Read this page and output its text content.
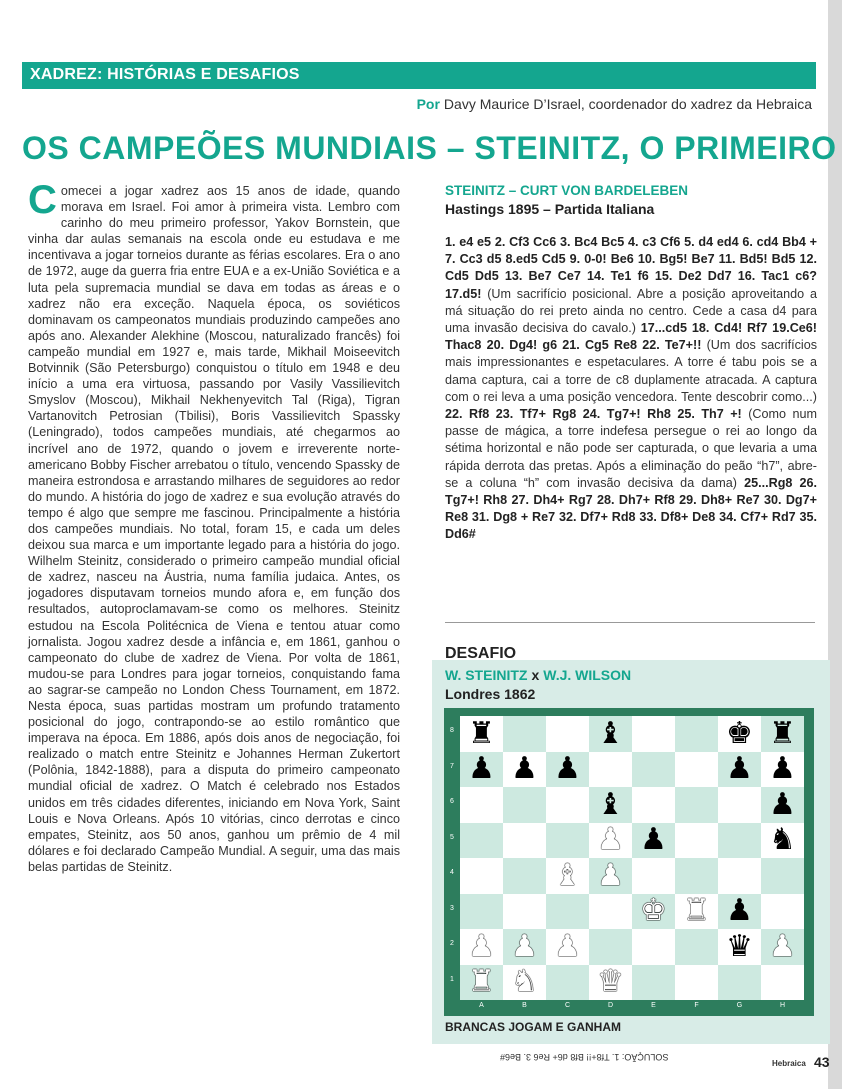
XADREZ: HISTÓRIAS E DESAFIOS
Por Davy Maurice D’Israel, coordenador do xadrez da Hebraica
OS CAMPEÕES MUNDIAIS – STEINITZ, O PRIMEIRO
Comecei a jogar xadrez aos 15 anos de idade, quando morava em Israel. Foi amor à primeira vista. Lembro com carinho do meu primeiro professor, Yakov Bornstein, que vinha dar aulas semanais na escola onde eu estudava e me incentivava a jogar torneios durante as férias escolares. Era o ano de 1972, auge da guerra fria entre EUA e a ex-União Soviética e a luta pela supremacia mundial se dava em todas as áreas e o xadrez não era exceção. Naquela época, os soviéticos dominavam os campeonatos mundiais produzindo campeões ano após ano. Alexander Alekhine (Moscou, naturalizado francês) foi campeão mundial em 1927 e, mais tarde, Mikhail Moiseevitch Botvinnik (São Petersburgo) conquistou o título em 1948 e deu início a uma era virtuosa, passando por Vasily Vassilievitch Smyslov (Moscou), Mikhail Nekhenyevitch Tal (Riga), Tigran Vartanovitch Petrosian (Tbilisi), Boris Vassilievitch Spassky (Leningrado), todos campeões mundiais, até chegarmos ao incrível ano de 1972, quando o jovem e irreverente norte-americano Bobby Fischer arrebatou o título, vencendo Spassky de maneira estrondosa e arrastando milhares de seguidores ao redor do mundo. A história do jogo de xadrez e sua evolução através do tempo é algo que sempre me fascinou. Principalmente a história dos campeões mundiais. No total, foram 15, e cada um deles deixou sua marca e um importante legado para a história do jogo. Wilhelm Steinitz, considerado o primeiro campeão mundial oficial de xadrez, nasceu na Áustria, numa família judaica. Antes, os jogadores disputavam torneios mundo afora e, em função dos resultados, autoproclamavam-se como os melhores. Steinitz estudou na Escola Politécnica de Viena e tentou atuar como jornalista. Jogou xadrez desde a infância e, em 1861, ganhou o campeonato do clube de xadrez de Viena. Por volta de 1861, mudou-se para Londres para jogar torneios, conquistando fama ao sagrar-se campeão no London Chess Tournament, em 1872. Nesta época, suas partidas mostram um profundo tratamento posicional do jogo, contrapondo-se ao estilo romântico que imperava na época. Em 1886, após dois anos de negociação, foi realizado o match entre Steinitz e Johannes Herman Zukertort (Polônia, 1842-1888), para a disputa do primeiro campeonato mundial oficial de xadrez. O Match é celebrado nos Estados unidos em três cidades diferentes, iniciando em Nova York, Saint Louis e Nova Orleans. Após 10 vitórias, cinco derrotas e cinco empates, Steinitz, aos 50 anos, ganhou um prêmio de 4 mil dólares e foi declarado Campeão Mundial. A seguir, uma das mais belas partidas de Steinitz.
STEINITZ – CURT VON BARDELEBEN
Hastings 1895 – Partida Italiana
1. e4 e5 2. Cf3 Cc6 3. Bc4 Bc5 4. c3 Cf6 5. d4 ed4 6. cd4 Bb4 + 7. Cc3 d5 8.ed5 Cd5 9. 0-0! Be6 10. Bg5! Be7 11. Bd5! Bd5 12. Cd5 Dd5 13. Be7 Ce7 14. Te1 f6 15. De2 Dd7 16. Tac1 c6? 17.d5! (Um sacrifício posicional. Abre a posição aproveitando a má situação do rei preto ainda no centro. Cede a casa d4 para uma invasão decisiva do cavalo.) 17...cd5 18. Cd4! Rf7 19.Ce6! Thac8 20. Dg4! g6 21. Cg5 Re8 22. Te7+!! (Um dos sacrifícios mais impressionantes e espetaculares. A torre é tabu pois se a dama captura, cai a torre de c8 duplamente atracada. A captura com o rei leva a uma posição vencedora. Tente descobrir como...) 22. Rf8 23. Tf7+ Rg8 24. Tg7+! Rh8 25. Th7 +! (Como num passe de mágica, a torre indefesa persegue o rei ao longo da sétima horizontal e não pode ser capturada, o que levaria a uma rápida derrota das pretas. Após a eliminação do peão “h7”, abre-se a coluna “h” com invasão decisiva da dama) 25...Rg8 26. Tg7+! Rh8 27. Dh4+ Rg7 28. Dh7+ Rf8 29. Dh8+ Re7 30. Dg7+ Re8 31. Dg8 + Re7 32. Df7+ Rd8 33. Df8+ De8 34. Cf7+ Rd7 35. Dd6#
DESAFIO
W. STEINITZ x W.J. WILSON
Londres 1862
♜	♝	♚ ♜
♟ ♟ ♟	♟ ♟
♝	♟
♟ ♟	♞
♝ ♟
♚ ♜ ♟
♟ ♟ ♟	♛ ♟
♜ ♞ ♛
8
7
6
5
4
3
2
1
A	B	C	D	E	F	G	H
BRANCAS JOGAM E GANHAM
SOLUÇÃO: 1. Tf8+!! Bf8 d6+ Re6 3. Be6#
Hebraica 43
